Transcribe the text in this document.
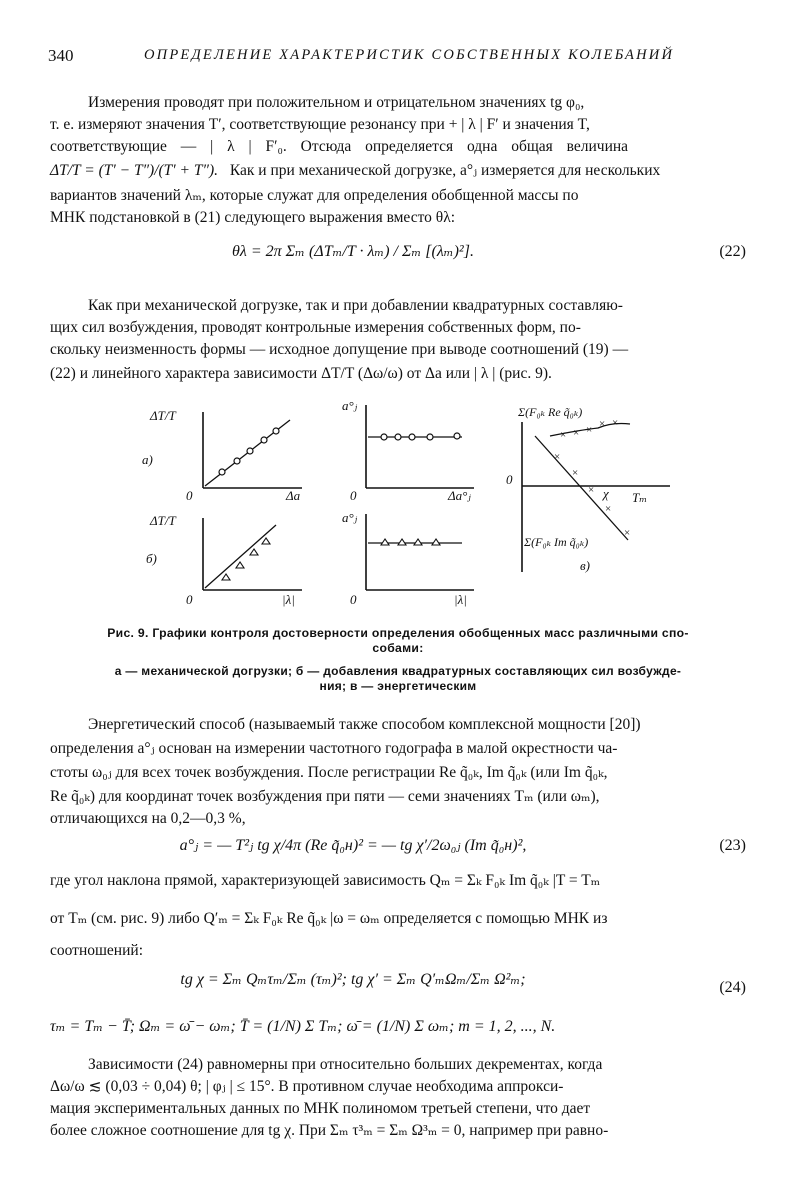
340	ОПРЕДЕЛЕНИЕ ХАРАКТЕРИСТИК СОБСТВЕННЫХ КОЛЕБАНИЙ
Измерения проводят при положительном и отрицательном значениях tg φ₀,
т. е. измеряют значения T′, соответствующие резонансу при + | λ | F′ и значения T,
соответствующие — | λ | F′₀. Отсюда определяется одна общая величина
ΔT/T = (T′ − T″)/(T′ + T″). Как и при механической догрузке, a°ⱼ измеряется для нескольких
вариантов значений λₘ, которые служат для определения обобщенной массы по
МНК подстановкой в (21) следующего выражения вместо θλ:
θλ = 2π Σₘ (ΔTₘ/T · λₘ) / Σₘ [(λₘ)²].	(22)
Как при механической догрузке, так и при добавлении квадратурных составляю-
щих сил возбуждения, проводят контрольные измерения собственных форм, по-
скольку неизменность формы — исходное допущение при выводе соотношений (19) —
(22) и линейного характера зависимости ΔT/T (Δω/ω) от Δa или | λ | (рис. 9).
ΔT/T
а)
0	Δa
ΔT/T
б)
0	|λ|
a°ⱼ
0	Δa°ⱼ
a°ⱼ
0	|λ|
Σ(F₀ₖ Re q̃₀ₖ)
0
× × × × ×
×
×
×
×
×
χ Tₘ
Σ(F₀ₖ Im q̃₀ₖ)
в)
Рис. 9. Графики контроля достоверности определения обобщенных масс различными спо-
собами:
а — механической догрузки; б — добавления квадратурных составляющих сил возбужде-
ния; в — энергетическим
Энергетический способ (называемый также способом комплексной мощности [20])
определения a°ⱼ основан на измерении частотного годографа в малой окрестности ча-
стоты ω₀ⱼ для всех точек возбуждения. После регистрации Re q̃₀ₖ, Im q̃₀ₖ (или Im q̃₀ₖ,
Re q̃₀ₖ) для координат точек возбуждения при пяти — семи значениях Tₘ (или ωₘ),
отличающихся на 0,2—0,3 %,
a°ⱼ = — T²ⱼ tg χ/4π (Re q̃₀н)² = — tg χ′/2ω₀ⱼ (Im q̃₀н)²,	(23)
где угол наклона прямой, характеризующей зависимость Qₘ = Σₖ F₀ₖ Im q̃₀ₖ |T = Tₘ
от Tₘ (см. рис. 9) либо Q′ₘ = Σₖ F₀ₖ Re q̃₀ₖ |ω = ωₘ определяется с помощью МНК из
соотношений:
tg χ = Σₘ Qₘτₘ/Σₘ (τₘ)²; tg χ′ = Σₘ Q′ₘΩₘ/Σₘ Ω²ₘ;	(24)
τₘ = Tₘ − T̄; Ωₘ = ω̄ − ωₘ; T̄ = (1/N) Σ Tₘ; ω̄ = (1/N) Σ ωₘ; m = 1, 2, ..., N.
Зависимости (24) равномерны при относительно больших декрементах, когда
Δω/ω ≲ (0,03 ÷ 0,04) θ; | φⱼ | ≤ 15°. В противном случае необходима аппрокси-
мация экспериментальных данных по МНК полиномом третьей степени, что дает
более сложное соотношение для tg χ. При Σₘ τ³ₘ = Σₘ Ω³ₘ = 0, например при равно-
